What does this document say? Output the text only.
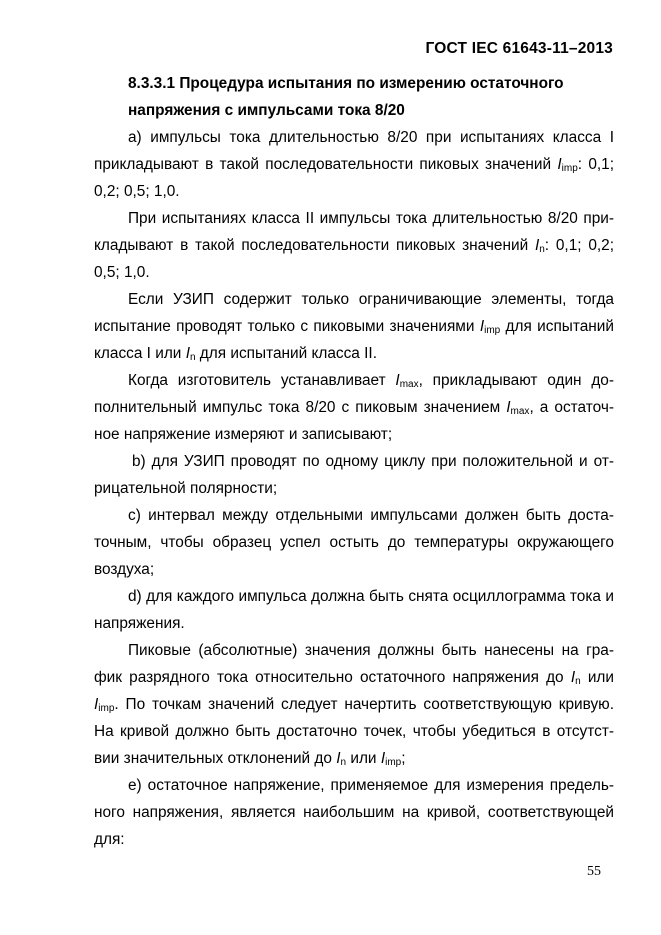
ГОСТ IEC 61643-11–2013

8.3.3.1 Процедура испытания по измерению остаточного
напряжения с импульсами тока 8/20

a) импульсы тока длительностью 8/20 при испытаниях класса I прикладывают в такой последовательности пиковых значений $I_{imp}$: 0,1; 0,2; 0,5; 1,0.

При испытаниях класса II импульсы тока длительностью 8/20 при-кладывают в такой последовательности пиковых значений $I_n$: 0,1; 0,2; 0,5; 1,0.

Если УЗИП содержит только ограничивающие элементы, тогда испытание проводят только с пиковыми значениями $I_{imp}$ для испытаний класса I или $I_n$ для испытаний класса II.

Когда изготовитель устанавливает $I_{max}$, прикладывают один до-полнительный импульс тока 8/20 с пиковым значением $I_{max}$, а остаточ-ное напряжение измеряют и записывают;

b) для УЗИП проводят по одному циклу при положительной и от-рицательной полярности;

c) интервал между отдельными импульсами должен быть доста-точным, чтобы образец успел остыть до температуры окружающего воздуха;

d) для каждого импульса должна быть снята осциллограмма тока и напряжения.

Пиковые (абсолютные) значения должны быть нанесены на гра-фик разрядного тока относительно остаточного напряжения до $I_n$ или $I_{imp}$. По точкам значений следует начертить соответствующую кривую. На кривой должно быть достаточно точек, чтобы убедиться в отсутст-вии значительных отклонений до $I_n$ или $I_{imp}$;

e) остаточное напряжение, применяемое для измерения предель-ного напряжения, является наибольшим на кривой, соответствующей для:

55
